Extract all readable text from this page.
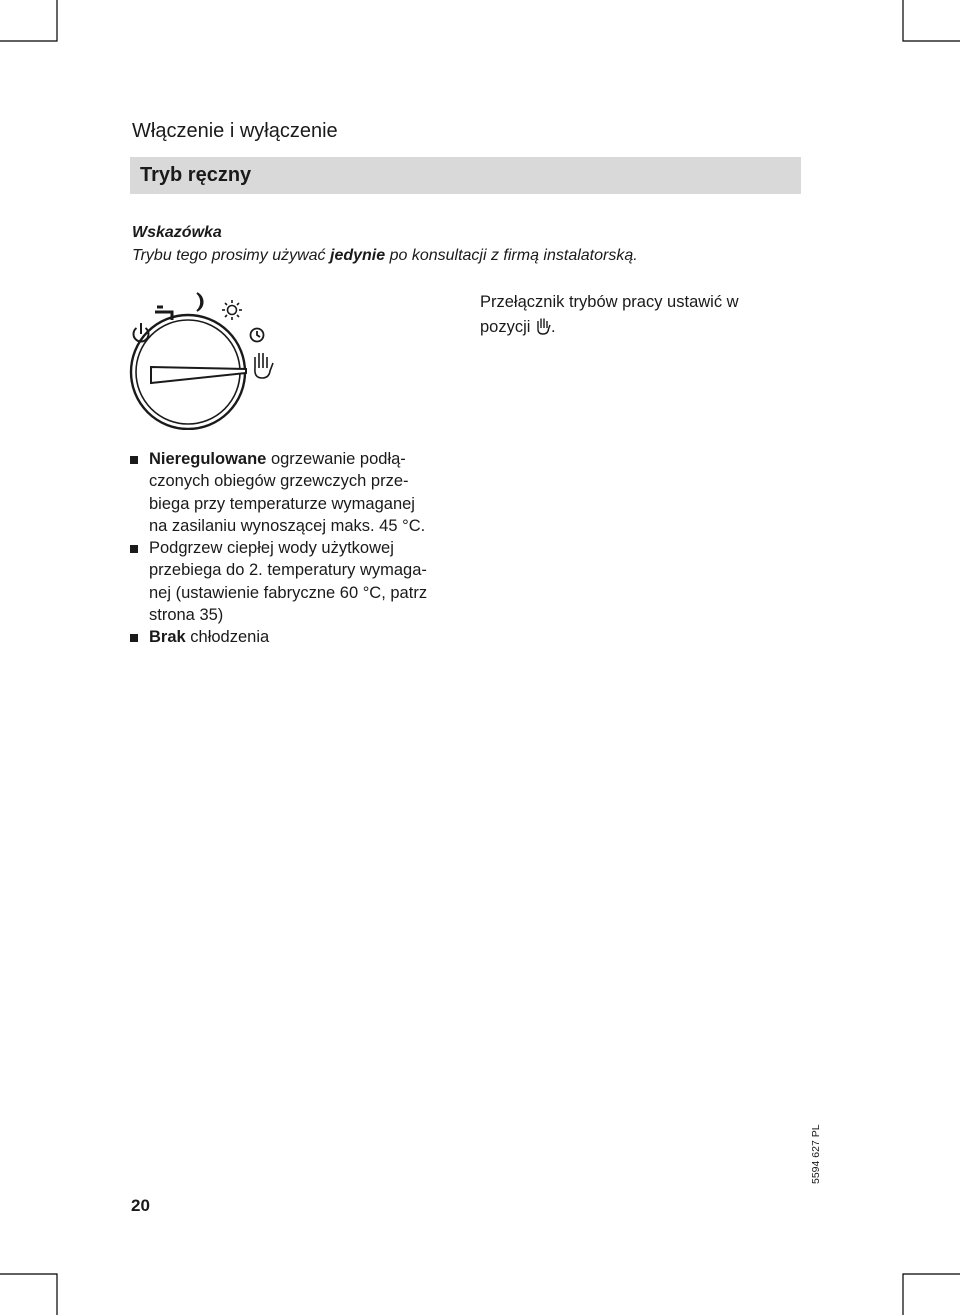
Włączenie i wyłączenie
Tryb ręczny
Wskazówka
Trybu tego prosimy używać jedynie po konsultacji z firmą instalatorską.
Przełącznik trybów pracy ustawić w
pozycji .
Nieregulowane ogrzewanie podłą-
czonych obiegów grzewczych prze-
biega przy temperaturze wymaganej
na zasilaniu wynoszącej maks. 45 °C.
Podgrzew ciepłej wody użytkowej
przebiega do 2. temperatury wymaga-
nej (ustawienie fabryczne 60 °C, patrz
strona 35)
Brak chłodzenia
20
5594 627 PL
